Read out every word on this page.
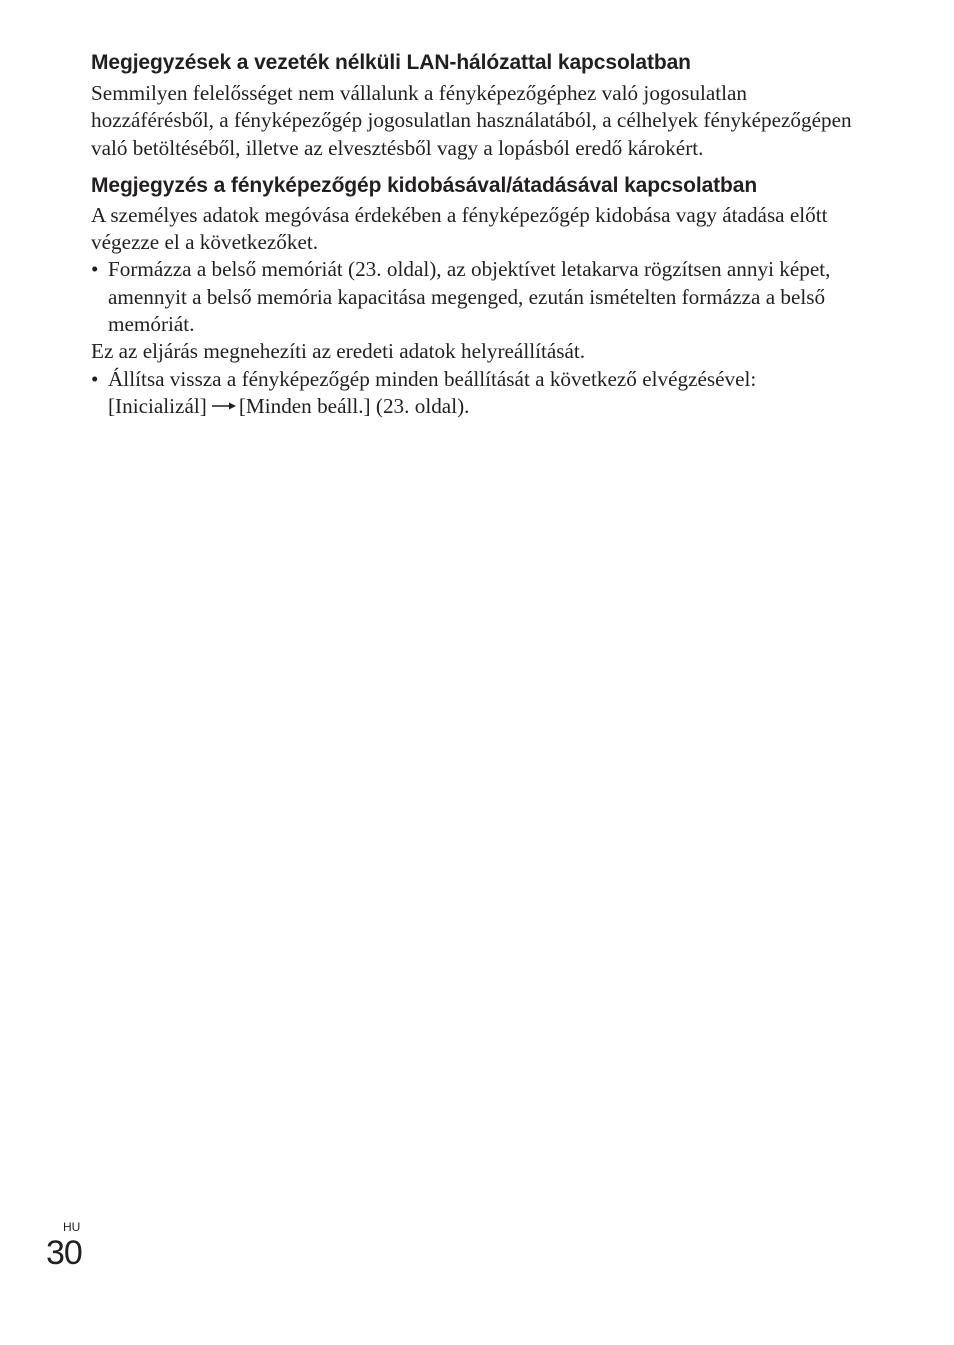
Megjegyzések a vezeték nélküli LAN-hálózattal kapcsolatban

Semmilyen felelősséget nem vállalunk a fényképezőgéphez való jogosulatlan hozzáférésből, a fényképezőgép jogosulatlan használatából, a célhelyek fényképezőgépen való betöltéséből, illetve az elvesztésből vagy a lopásból eredő károkért.

Megjegyzés a fényképezőgép kidobásával/átadásával kapcsolatban

A személyes adatok megóvása érdekében a fényképezőgép kidobása vagy átadása előtt végezze el a következőket.

• Formázza a belső memóriát (23. oldal), az objektívet letakarva rögzítsen annyi képet, amennyit a belső memória kapacitása megenged, ezután ismételten formázza a belső memóriát.

Ez az eljárás megnehezíti az eredeti adatok helyreállítását.

• Állítsa vissza a fényképezőgép minden beállítását a következő elvégzésével:
[Inicializál] [Minden beáll.] (23. oldal).
HU
30
